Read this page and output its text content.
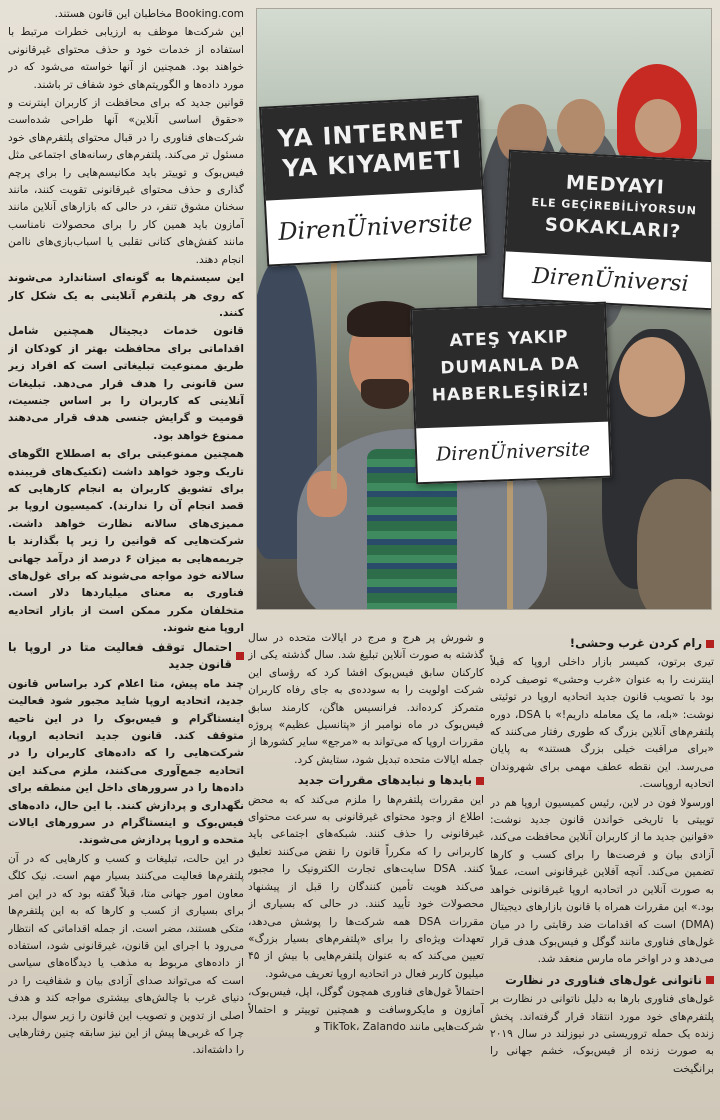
Booking.com مخاطبان این قانون هستند.

این شرکت‌ها موظف به ارزیابی خطرات مرتبط با استفاده از خدمات خود و حذف محتوای غیرقانونی خواهند بود. همچنین از آنها خواسته می‌شود که در مورد داده‌ها و الگوریتم‌های خود شفاف تر باشند.

قوانین جدید که برای محافظت از کاربران اینترنت و «حقوق اساسی آنلاین» آنها طراحی شده‌است شرکت‌های فناوری را در قبال محتوای پلتفرم‌های خود مسئول تر می‌کند. پلتفرم‌های رسانه‌های اجتماعی مثل فیس‌بوک و توییتر باید مکانیسم‌هایی را برای پرچم گذاری و حذف محتوای غیرقانونی تقویت کنند، مانند سخنان مشوق تنفر، در حالی که بازارهای آنلاین مانند آمازون باید همین کار را برای محصولات نامناسب مانند کفش‌های کتانی تقلبی یا اسباب‌بازی‌های ناامن انجام دهند.

این سیستم‌ها به گونه‌ای استاندارد می‌شوند که روی هر پلتفرم آنلاینی به یک شکل کار کنند.

قانون خدمات دیجیتال همچنین شامل اقداماتی برای محافظت بهتر از کودکان از طریق ممنوعیت تبلیغاتی است که افراد زیر سن قانونی را هدف قرار می‌دهد. تبلیغات آنلاینی که کاربران را بر اساس جنسیت، قومیت و گرایش جنسی هدف قرار می‌دهند ممنوع خواهد بود.

همچنین ممنوعیتی برای به اصطلاح الگوهای تاریک وجود خواهد داشت (تکنیک‌های فریبنده برای تشویق کاربران به انجام کارهایی که قصد انجام آن را ندارند). کمیسیون اروپا بر ممیزی‌های سالانه نظارت خواهد داشت. شرکت‌هایی که قوانین را زیر پا بگذارند با جریمه‌هایی به میزان ۶ درصد از درآمد جهانی سالانه خود مواجه می‌شوند که برای غول‌های فناوری به معنای میلیاردها دلار است. متخلفان مکرر ممکن است از بازار اتحادیه اروپا منع شوند.

احتمال توقف فعالیت متا در اروپا با قانون جدید

چند ماه پیش، متا اعلام کرد براساس قانون جدید، اتحادیه اروپا شاید مجبور شود فعالیت اینستاگرام و فیس‌بوک را در این ناحیه متوقف کند. قانون جدید اتحادیه اروپا، شرکت‌هایی را که داده‌های کاربران را در اتحادیه جمع‌آوری می‌کنند، ملزم می‌کند این داده‌ها را در سرورهای داخل این منطقه برای نگهداری و پردازش کنند. با این حال، داده‌های فیس‌بوک و اینستاگرام در سرورهای ایالات متحده و اروپا پردازش می‌شوند.

در این حالت، تبلیغات و کسب و کارهایی که در آن پلتفرم‌ها فعالیت می‌کنند بسیار مهم است. نیک کلگ معاون امور جهانی متا، قبلاً گفته بود که در این امر برای بسیاری از کسب و کارها که به این پلتفرم‌ها متکی هستند، مضر است. از جمله اقداماتی که انتظار می‌رود با اجرای این قانون، غیرقانونی شود، استفاده از داده‌های مربوط به مذهب یا دیدگاه‌های سیاسی است که می‌تواند صدای آزادی بیان و شفافیت را در دنیای غرب با چالش‌های بیشتری مواجه کند و هدف اصلی از تدوین و تصویب این قانون را زیر سوال ببرد. چرا که غربی‌ها پیش از این نیز سابقه چنین رفتارهایی را داشته‌اند.

و شورش پر هرج و مرج در ایالات متحده در سال گذشته به صورت آنلاین تبلیغ شد. سال گذشته یکی از کارکنان سابق فیس‌بوک افشا کرد که رؤسای این شرکت اولویت را به سودده‌ی به جای رفاه کاربران متمرکز کرده‌اند. فرانسیس هاگن، کارمند سابق فیس‌بوک در ماه نوامبر از «پتانسیل عظیم» پروژه مقررات اروپا که می‌تواند به «مرجع» سایر کشورها از جمله ایالات متحده تبدیل شود، ستایش کرد.

بایدها و نبایدهای مقررات جدید

این مقررات پلتفرم‌ها را ملزم می‌کند که به محض اطلاع از وجود محتوای غیرقانونی به سرعت محتوای غیرقانونی را حذف کنند. شبکه‌های اجتماعی باید کاربرانی را که مکرراً قانون را نقض می‌کنند تعلیق کنند. DSA سایت‌های تجارت الکترونیک را مجبور می‌کند هویت تأمین کنندگان را قبل از پیشنهاد محصولات خود تأیید کنند. در حالی که بسیاری از مقررات DSA همه شرکت‌ها را پوشش می‌دهد، تعهدات ویژه‌ای را برای «پلتفرم‌های بسیار بزرگ» تعیین می‌کند که به عنوان پلتفرم‌هایی با بیش از ۴۵ میلیون کاربر فعال در اتحادیه اروپا تعریف می‌شود.

احتمالاً غول‌های فناوری همچون گوگل، اپل، فیس‌بوک، آمازون و مایکروسافت و همچنین توییتر و احتمالاً شرکت‌هایی مانند TikTok، Zalando و

رام کردن غرب وحشی!

تیری برتون، کمیسر بازار داخلی اروپا که قبلاً اینترنت را به عنوان «غرب وحشی» توصیف کرده بود با تصویب قانون جدید اتحادیه اروپا در توئیتی نوشت: «بله، ما یک معامله داریم!» با DSA، دوره پلتفرم‌های آنلاین بزرگ که طوری رفتار می‌کنند که «برای مراقبت خیلی بزرگ هستند» به پایان می‌رسد. این نقطه عطف مهمی برای شهروندان اتحادیه اروپاست.

اورسولا فون در لاین، رئیس کمیسیون اروپا هم در توییتی با تاریخی خواندن قانون جدید نوشت: «قوانین جدید ما از کاربران آنلاین محافظت می‌کند، آزادی بیان و فرصت‌ها را برای کسب و کارها تضمین می‌کند. آنچه آفلاین غیرقانونی است، عملاً به صورت آنلاین در اتحادیه اروپا غیرقانونی خواهد بود.» این مقررات همراه با قانون بازارهای دیجیتال (DMA) است که اقدامات ضد رقابتی را در میان غول‌های فناوری مانند گوگل و فیس‌بوک هدف قرار می‌دهد و در اواخر ماه مارس منعقد شد.

ناتوانی غول‌های فناوری در نظارت

غول‌های فناوری بارها به دلیل ناتوانی در نظارت بر پلتفرم‌های خود مورد انتقاد قرار گرفته‌اند. پخش زنده یک حمله تروریستی در نیوزلند در سال ۲۰۱۹ به صورت زنده از فیس‌بوک، خشم جهانی را برانگیخت

YA INTERNET
YA KIYAMETI
DirenÜniversite
MEDYAYI
ELE GEÇİREBİLİYORSUN
SOKAKLARI?
DirenÜniversi
ATEŞ YAKIP
DUMANLA DA
HABERLEŞİRİZ!
DirenÜniversite
